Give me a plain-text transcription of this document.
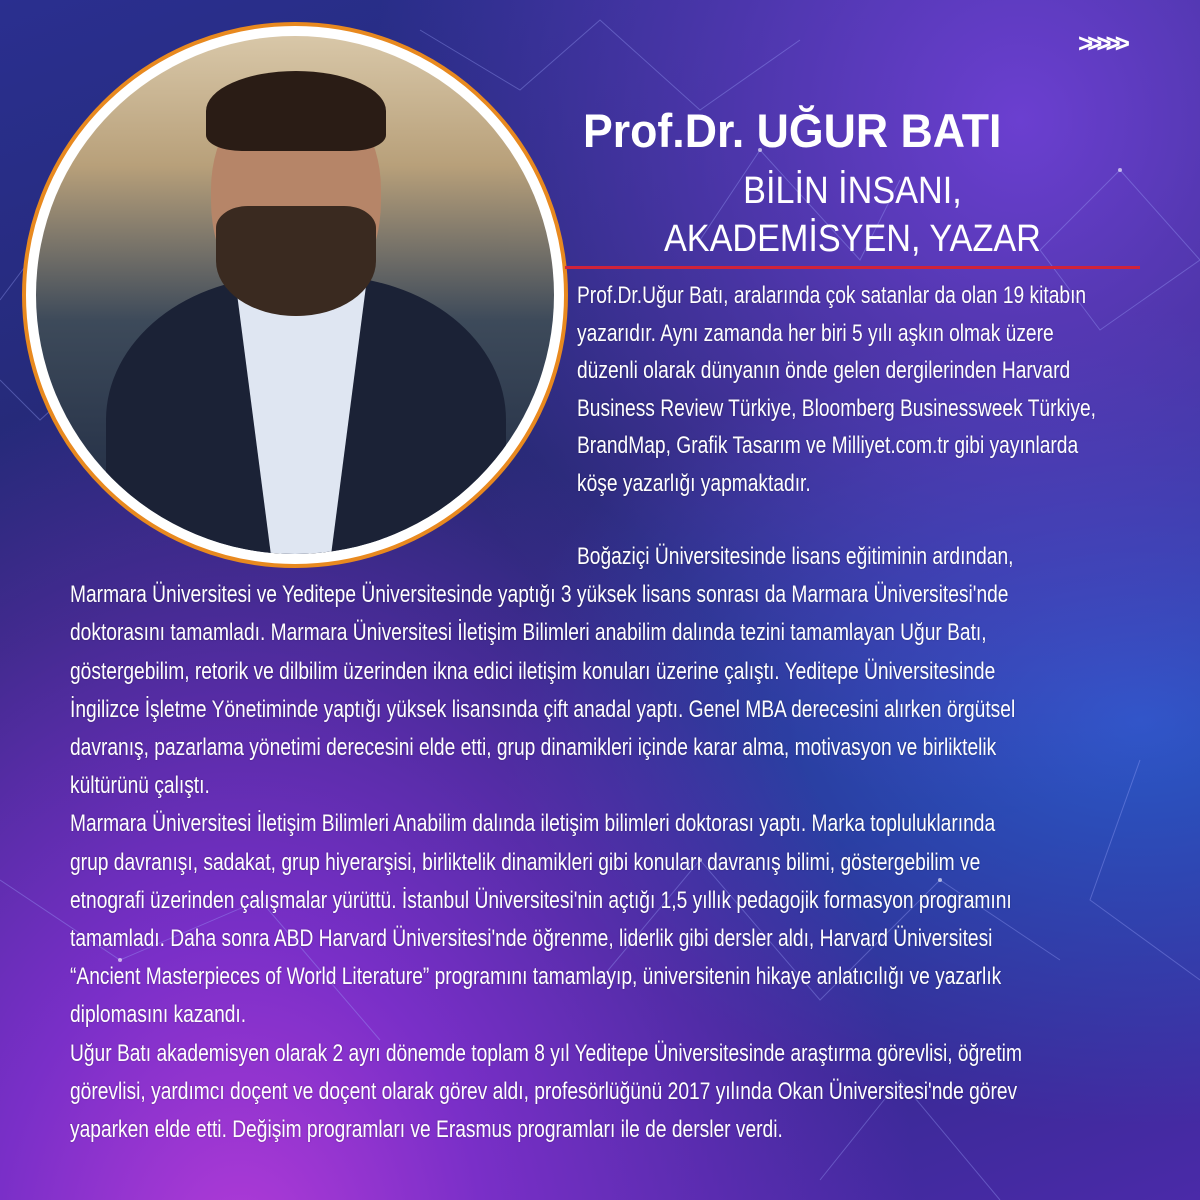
>>>>>
Prof.Dr. UĞUR BATI
BİLİN İNSANI,
AKADEMİSYEN, YAZAR
Prof.Dr.Uğur Batı, aralarında çok satanlar da olan 19 kitabın
yazarıdır. Aynı zamanda her biri 5 yılı aşkın olmak üzere
düzenli olarak dünyanın önde gelen dergilerinden Harvard
Business Review Türkiye, Bloomberg Businessweek Türkiye,
BrandMap, Grafik Tasarım ve Milliyet.com.tr gibi yayınlarda
köşe yazarlığı yapmaktadır.
Boğaziçi Üniversitesinde lisans eğitiminin ardından,
Marmara Üniversitesi ve Yeditepe Üniversitesinde yaptığı 3 yüksek lisans sonrası da Marmara Üniversitesi'nde
doktorasını tamamladı. Marmara Üniversitesi İletişim Bilimleri anabilim dalında tezini tamamlayan Uğur Batı,
göstergebilim, retorik ve dilbilim üzerinden ikna edici iletişim konuları üzerine çalıştı. Yeditepe Üniversitesinde
İngilizce İşletme Yönetiminde yaptığı yüksek lisansında çift anadal yaptı. Genel MBA derecesini alırken örgütsel
davranış, pazarlama yönetimi derecesini elde etti, grup dinamikleri içinde karar alma, motivasyon ve birliktelik
kültürünü çalıştı.
Marmara Üniversitesi İletişim Bilimleri Anabilim dalında iletişim bilimleri doktorası yaptı. Marka topluluklarında
grup davranışı, sadakat, grup hiyerarşisi, birliktelik dinamikleri gibi konuları davranış bilimi, göstergebilim ve
etnografi üzerinden çalışmalar yürüttü. İstanbul Üniversitesi'nin açtığı 1,5 yıllık pedagojik formasyon programını
tamamladı. Daha sonra ABD Harvard Üniversitesi'nde öğrenme, liderlik gibi dersler aldı, Harvard Üniversitesi
“Ancient Masterpieces of World Literature” programını tamamlayıp, üniversitenin hikaye anlatıcılığı ve yazarlık
diplomasını kazandı.
Uğur Batı akademisyen olarak 2 ayrı dönemde toplam 8 yıl Yeditepe Üniversitesinde araştırma görevlisi, öğretim
görevlisi, yardımcı doçent ve doçent olarak görev aldı, profesörlüğünü 2017 yılında Okan Üniversitesi'nde görev
yaparken elde etti. Değişim programları ve Erasmus programları ile de dersler verdi.
